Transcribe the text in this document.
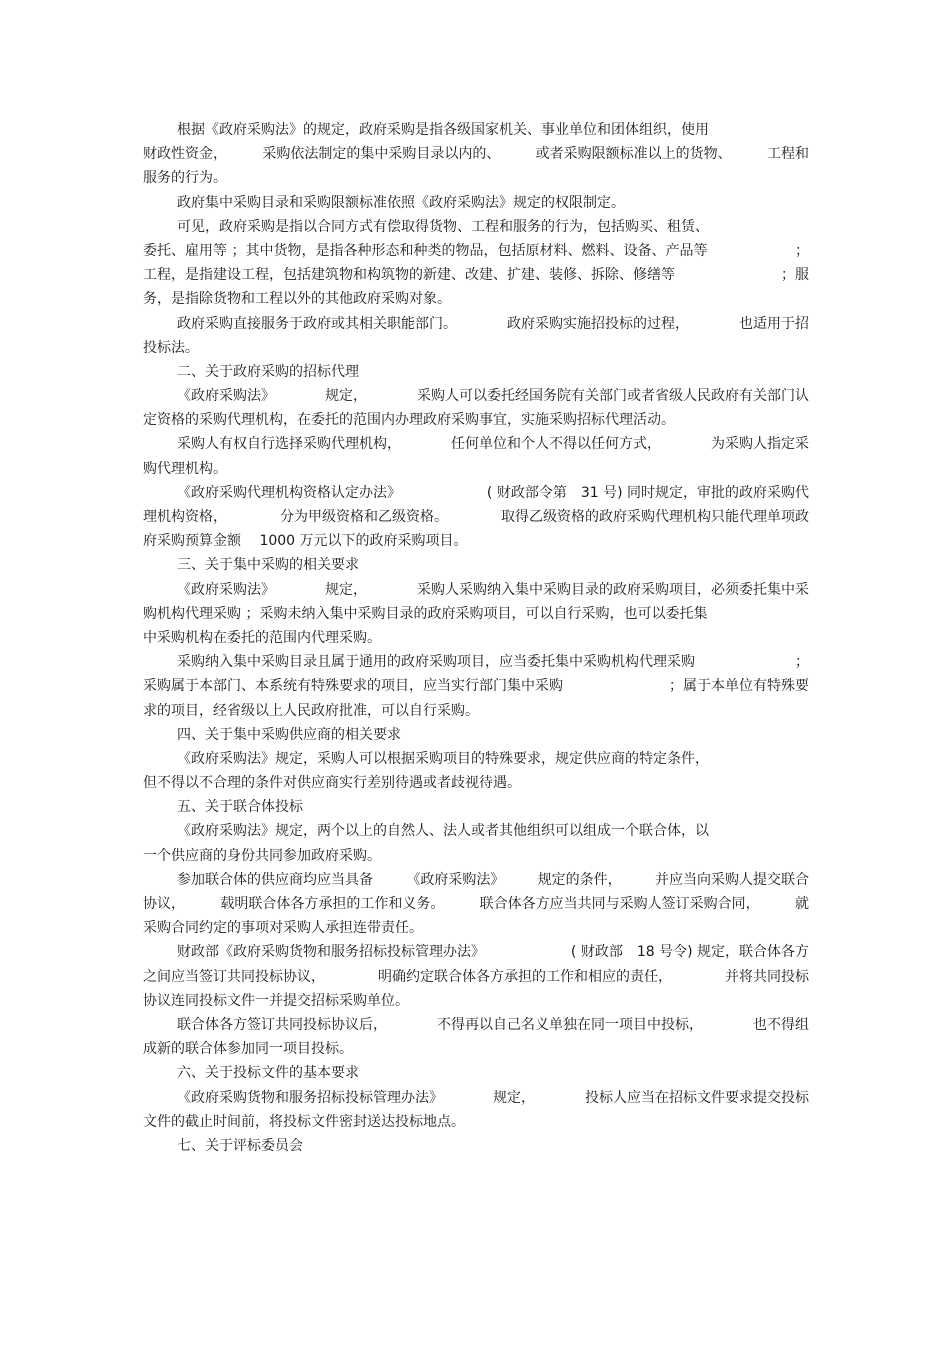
根据《政府采购法》的规定，政府采购是指各级国家机关、事业单位和团体组织，使用
财政性资金，	采购依法制定的集中采购目录以内的、	或者采购限额标准以上的货物、	工程和
服务的行为。
政府集中采购目录和采购限额标准依照《政府采购法》规定的权限制定。
可见，政府采购是指以合同方式有偿取得货物、工程和服务的行为，包括购买、租赁、
委托、雇用等 ；其中货物，是指各种形态和种类的物品，包括原材料、燃料、设备、产品等	；
工程，是指建设工程，包括建筑物和构筑物的新建、改建、扩建、装修、拆除、修缮等	；服
务，是指除货物和工程以外的其他政府采购对象。
政府采购直接服务于政府或其相关职能部门。	政府采购实施招投标的过程，	也适用于招
投标法。
二、关于政府采购的招标代理
《政府采购法》	规定，	采购人可以委托经国务院有关部门或者省级人民政府有关部门认
定资格的采购代理机构，在委托的范围内办理政府采购事宜，实施采购招标代理活动。
采购人有权自行选择采购代理机构，	任何单位和个人不得以任何方式，	为采购人指定采
购代理机构。
《政府采购代理机构资格认定办法》	( 财政部令第　31 号) 同时规定，审批的政府采购代
理机构资格，	分为甲级资格和乙级资格。	取得乙级资格的政府采购代理机构只能代理单项政
府采购预算金额　 1000 万元以下的政府采购项目。
三、关于集中采购的相关要求
《政府采购法》	规定，	采购人采购纳入集中采购目录的政府采购项目，必须委托集中采
购机构代理采购 ；采购未纳入集中采购目录的政府采购项目，可以自行采购，也可以委托集
中采购机构在委托的范围内代理采购。
采购纳入集中采购目录且属于通用的政府采购项目，应当委托集中采购机构代理采购	；
采购属于本部门、本系统有特殊要求的项目，应当实行部门集中采购	；属于本单位有特殊要
求的项目，经省级以上人民政府批准，可以自行采购。
四、关于集中采购供应商的相关要求
《政府采购法》规定，采购人可以根据采购项目的特殊要求，规定供应商的特定条件，
但不得以不合理的条件对供应商实行差别待遇或者歧视待遇。
五、关于联合体投标
《政府采购法》规定，两个以上的自然人、法人或者其他组织可以组成一个联合体，以
一个供应商的身份共同参加政府采购。
参加联合体的供应商均应当具备 《政府采购法》 规定的条件， 并应当向采购人提交联合
协议，	载明联合体各方承担的工作和义务。	联合体各方应当共同与采购人签订采购合同，	就
采购合同约定的事项对采购人承担连带责任。
财政部《政府采购货物和服务招标投标管理办法》	( 财政部　18 号令) 规定，联合体各方
之间应当签订共同投标协议，	明确约定联合体各方承担的工作和相应的责任，	并将共同投标
协议连同投标文件一并提交招标采购单位。
联合体各方签订共同投标协议后，	不得再以自己名义单独在同一项目中投标，	也不得组
成新的联合体参加同一项目投标。
六、关于投标文件的基本要求
《政府采购货物和服务招标投标管理办法》	规定，	投标人应当在招标文件要求提交投标
文件的截止时间前，将投标文件密封送达投标地点。
七、关于评标委员会
